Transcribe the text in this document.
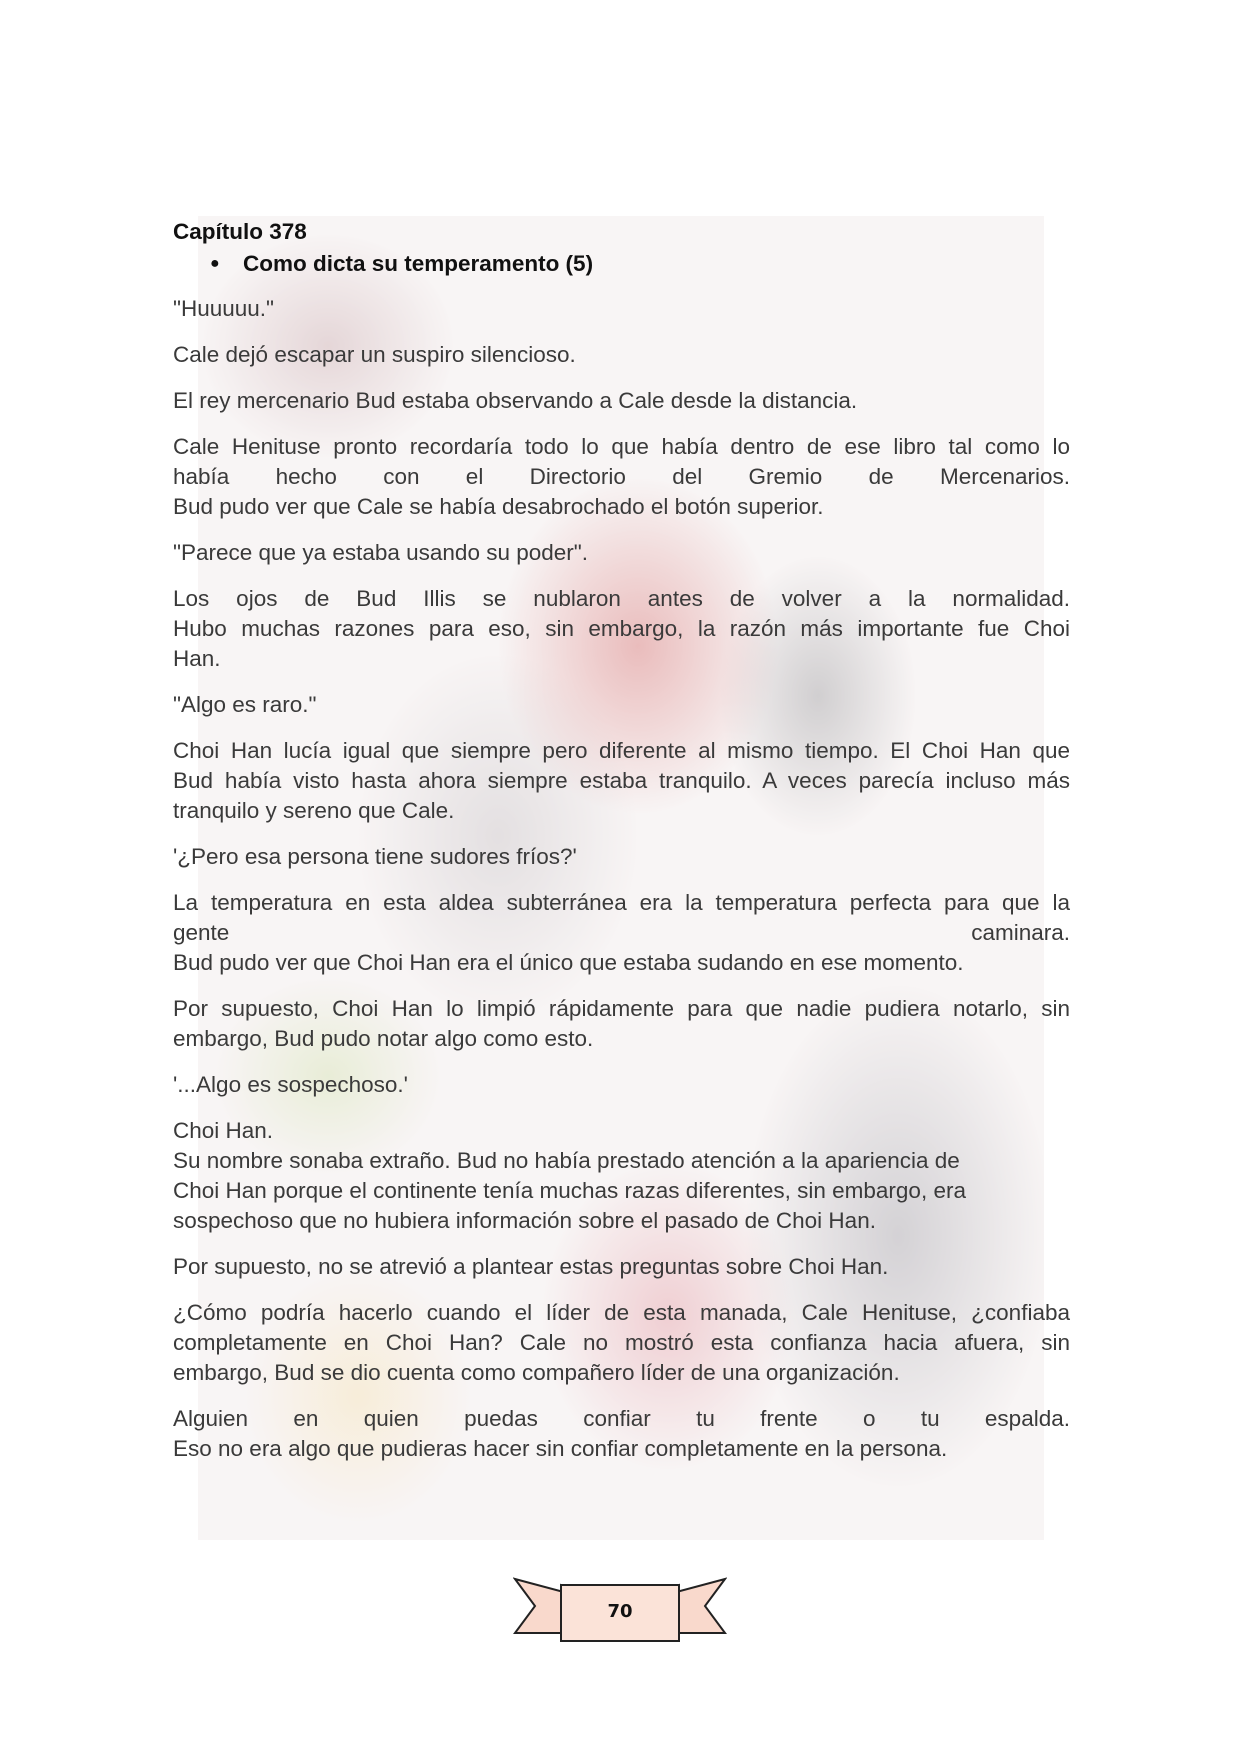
Capítulo 378

●	Como dicta su temperamento (5)

"Huuuuu."

Cale dejó escapar un suspiro silencioso.

El rey mercenario Bud estaba observando a Cale desde la distancia.

Cale Henituse pronto recordaría todo lo que había dentro de ese libro tal como lo
había hecho con el Directorio del Gremio de Mercenarios.
Bud pudo ver que Cale se había desabrochado el botón superior.

"Parece que ya estaba usando su poder".

Los ojos de Bud Illis se nublaron antes de volver a la normalidad.
Hubo muchas razones para eso, sin embargo, la razón más importante fue Choi
Han.

"Algo es raro."

Choi Han lucía igual que siempre pero diferente al mismo tiempo. El Choi Han que
Bud había visto hasta ahora siempre estaba tranquilo. A veces parecía incluso más
tranquilo y sereno que Cale.

'¿Pero esa persona tiene sudores fríos?'

La temperatura en esta aldea subterránea era la temperatura perfecta para que la
gente caminara.
Bud pudo ver que Choi Han era el único que estaba sudando en ese momento.

Por supuesto, Choi Han lo limpió rápidamente para que nadie pudiera notarlo, sin
embargo, Bud pudo notar algo como esto.

'...Algo es sospechoso.'

Choi Han.
Su nombre sonaba extraño. Bud no había prestado atención a la apariencia de
Choi Han porque el continente tenía muchas razas diferentes, sin embargo, era
sospechoso que no hubiera información sobre el pasado de Choi Han.

Por supuesto, no se atrevió a plantear estas preguntas sobre Choi Han.

¿Cómo podría hacerlo cuando el líder de esta manada, Cale Henituse, ¿confiaba
completamente en Choi Han? Cale no mostró esta confianza hacia afuera, sin
embargo, Bud se dio cuenta como compañero líder de una organización.

Alguien en quien puedas confiar tu frente o tu espalda.
Eso no era algo que pudieras hacer sin confiar completamente en la persona.

70
